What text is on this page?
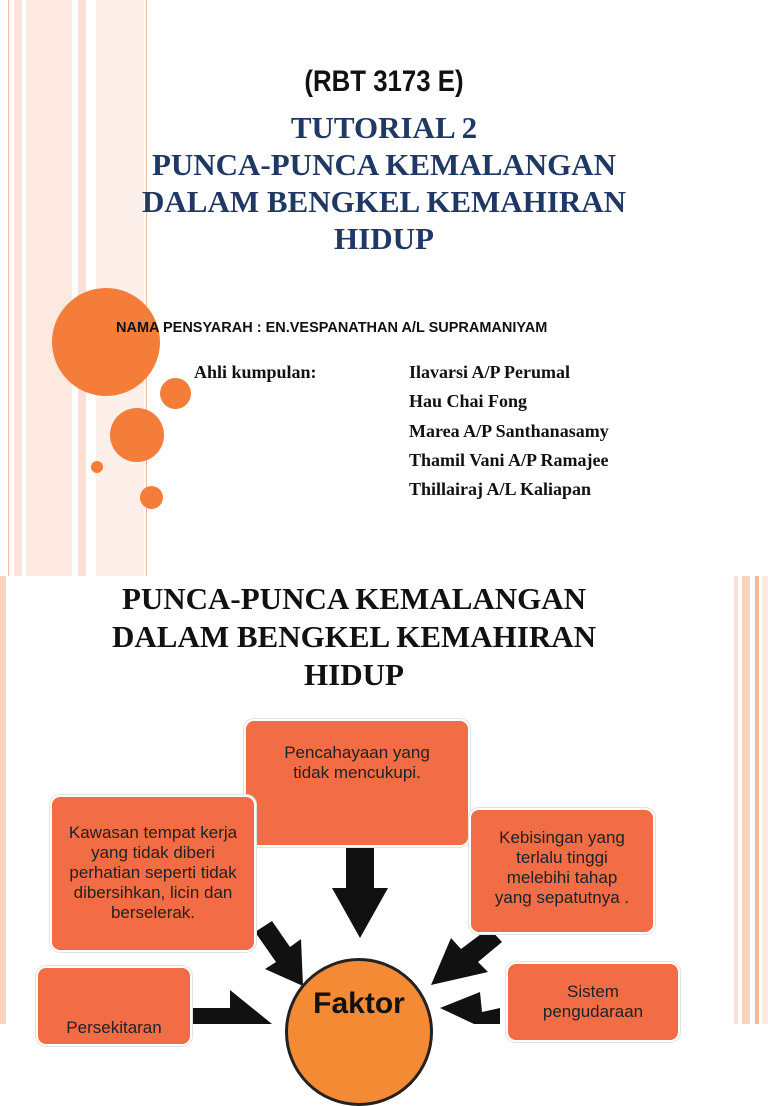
(RBT 3173 E)
TUTORIAL 2
PUNCA-PUNCA KEMALANGAN
DALAM BENGKEL KEMAHIRAN
HIDUP
NAMA PENSYARAH : EN.VESPANATHAN A/L SUPRAMANIYAM
Ahli kumpulan:	Ilavarsi A/P Perumal
Hau Chai Fong
Marea A/P Santhanasamy
Thamil Vani A/P Ramajee
Thillairaj A/L Kaliapan
PUNCA-PUNCA KEMALANGAN
DALAM BENGKEL KEMAHIRAN
HIDUP
Pencahayaan yang
tidak mencukupi.
Kawasan tempat kerja
yang tidak diberi
perhatian seperti tidak
dibersihkan, licin dan
berselerak.
Kebisingan yang
terlalu tinggi
melebihi tahap
yang sepatutnya .
Sistem
pengudaraan
Persekitaran
Faktor
